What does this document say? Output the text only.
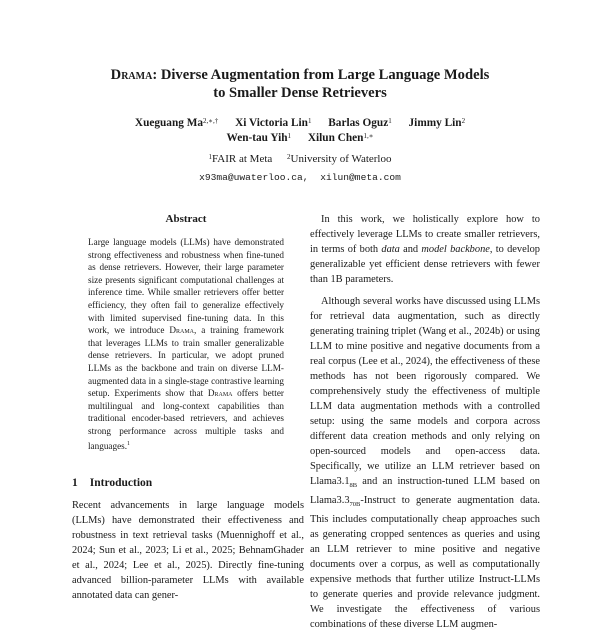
Drama: Diverse Augmentation from Large Language Models
to Smaller Dense Retrievers
Xueguang $Ma^{2,∗,\dagger}$ Xi Victoria Lin$^1$ Barlas Oguz$^1$ Jimmy Lin$^2$
Wen-tau Yih$^1$ Xilun Chen$^{1,∗}$
$^1$FAIR at Meta $^2$University of Waterloo
x93ma@uwaterloo.ca, xilun@meta.com
Abstract
Large language models (LLMs) have demonstrated strong effectiveness and robustness when fine-tuned as dense retrievers. However, their large parameter size presents significant computational challenges at inference time. While smaller retrievers offer better efficiency, they often fail to generalize effectively with limited supervised fine-tuning data. In this work, we introduce Drama, a training framework that leverages LLMs to train smaller generalizable dense retrievers. In particular, we adopt pruned LLMs as the backbone and train on diverse LLM-augmented data in a single-stage contrastive learning setup. Experiments show that Drama offers better multilingual and long-context capabilities than traditional encoder-based retrievers, and achieves strong performance across multiple tasks and languages.$^1$
1 Introduction
Recent advancements in large language models (LLMs) have demonstrated their effectiveness and robustness in text retrieval tasks (Muennighoff et al., 2024; Sun et al., 2023; Li et al., 2025; BehnamGhader et al., 2024; Lee et al., 2025). Directly fine-tuning advanced billion-parameter LLMs with available annotated data can gener-

In this work, we holistically explore how to effectively leverage LLMs to create smaller retrievers, in terms of both data and model backbone, to develop generalizable yet efficient dense retrievers with fewer than 1B parameters.

Although several works have discussed using LLMs for retrieval data augmentation, such as directly generating training triplet (Wang et al., 2024b) or using LLM to mine positive and negative documents from a real corpus (Lee et al., 2024), the effectiveness of these methods has not been rigorously compared. We comprehensively study the effectiveness of multiple LLM data augmentation methods with a controlled setup: using the same models and corpora across different data creation methods and only relying on open-sourced models and open-access data. Specifically, we utilize an LLM retriever based on $Llama3.1_{8B}$ and an instruction-tuned LLM based on $Llama3.3_{70B}$-Instruct to generate augmentation data. This includes computationally cheap approaches such as generating cropped sentences as queries and using an LLM retriever to mine positive and negative documents over a corpus, as well as computationally expensive methods that further utilize Instruct-LLMs to generate queries and provide relevance judgment. We investigate the effectiveness of various combinations of these diverse LLM augmen-
